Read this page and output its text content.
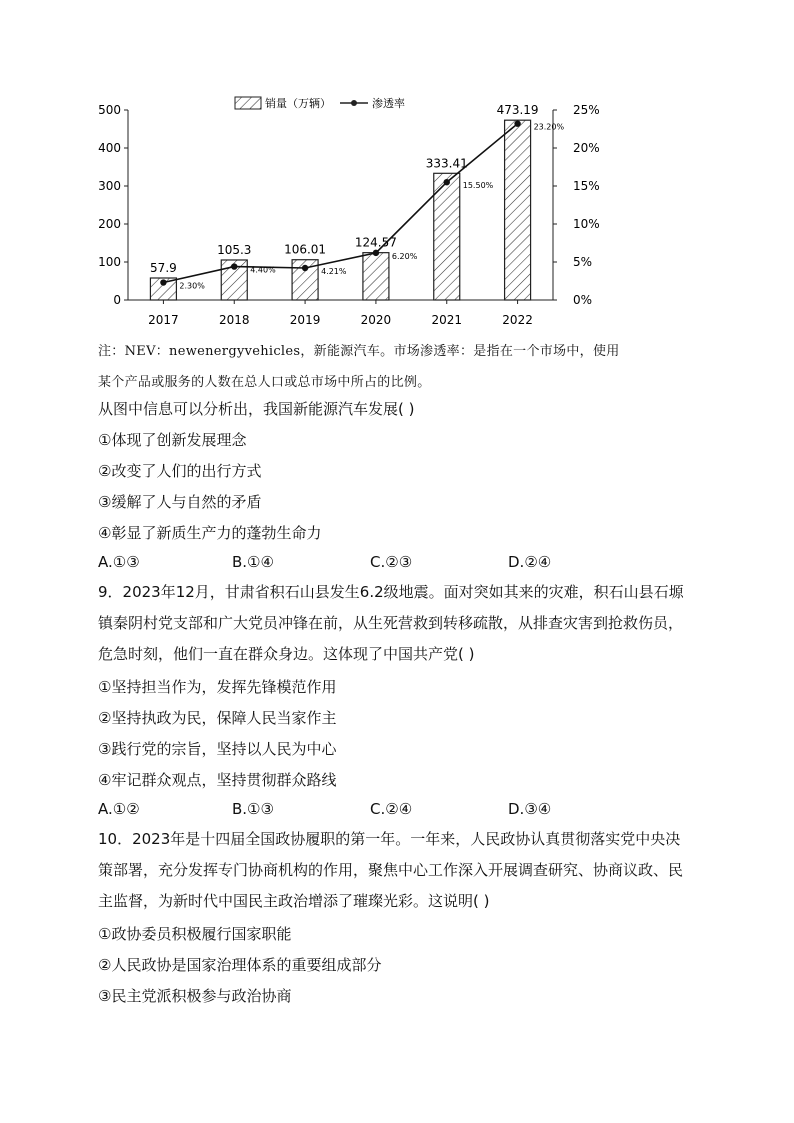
销量（万辆）	渗透率
0
100
200
300
400
500
0%
5%
10%
15%
20%
25%
2017	2018	2019	2020	2021	2022
57.9
105.3	106.01
124.57
333.41
473.19
2.30%
4.40%	4.21%
6.20%
15.50%
23.20%
注：NEV：newenergyvehicles，新能源汽车。市场渗透率：是指在一个市场中，使用
某个产品或服务的人数在总人口或总市场中所占的比例。
从图中信息可以分析出，我国新能源汽车发展( )
①体现了创新发展理念
②改变了人们的出行方式
③缓解了人与自然的矛盾
④彰显了新质生产力的蓬勃生命力
A.①③	B.①④	C.②③	D.②④
9．2023年12月，甘肃省积石山县发生6.2级地震。面对突如其来的灾难，积石山县石塬镇秦阴村党支部和广大党员冲锋在前，从生死营救到转移疏散，从排查灾害到抢救伤员，危急时刻，他们一直在群众身边。这体现了中国共产党( )
①坚持担当作为，发挥先锋模范作用
②坚持执政为民，保障人民当家作主
③践行党的宗旨，坚持以人民为中心
④牢记群众观点，坚持贯彻群众路线
A.①②	B.①③	C.②④	D.③④
10．2023年是十四届全国政协履职的第一年。一年来，人民政协认真贯彻落实党中央决策部署，充分发挥专门协商机构的作用，聚焦中心工作深入开展调查研究、协商议政、民主监督，为新时代中国民主政治增添了璀璨光彩。这说明( )
①政协委员积极履行国家职能
②人民政协是国家治理体系的重要组成部分
③民主党派积极参与政治协商
